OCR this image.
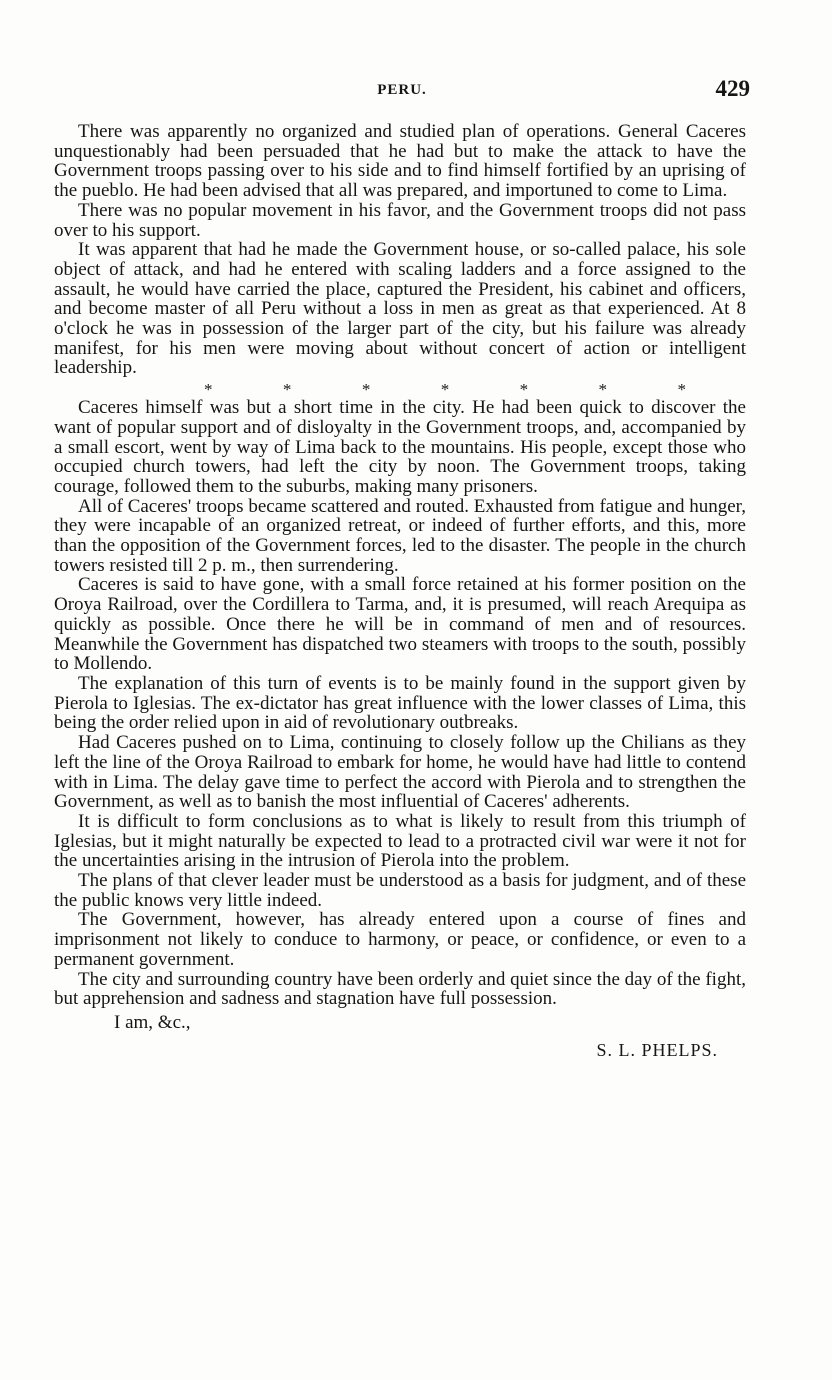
PERU.	429

There was apparently no organized and studied plan of operations. General Caceres unquestionably had been persuaded that he had but to make the attack to have the Government troops passing over to his side and to find himself fortified by an uprising of the pueblo. He had been advised that all was prepared, and importuned to come to Lima.

There was no popular movement in his favor, and the Government troops did not pass over to his support.

It was apparent that had he made the Government house, or so-called palace, his sole object of attack, and had he entered with scaling ladders and a force assigned to the assault, he would have carried the place, captured the President, his cabinet and officers, and become master of all Peru without a loss in men as great as that experienced. At 8 o'clock he was in possession of the larger part of the city, but his failure was already manifest, for his men were moving about without concert of action or intelligent leadership.

*	*	*	*	*	*	*

Caceres himself was but a short time in the city. He had been quick to discover the want of popular support and of disloyalty in the Government troops, and, accompanied by a small escort, went by way of Lima back to the mountains. His people, except those who occupied church towers, had left the city by noon. The Government troops, taking courage, followed them to the suburbs, making many prisoners.

All of Caceres' troops became scattered and routed. Exhausted from fatigue and hunger, they were incapable of an organized retreat, or indeed of further efforts, and this, more than the opposition of the Government forces, led to the disaster. The people in the church towers resisted till 2 p. m., then surrendering.

Caceres is said to have gone, with a small force retained at his former position on the Oroya Railroad, over the Cordillera to Tarma, and, it is presumed, will reach Arequipa as quickly as possible. Once there he will be in command of men and of resources. Meanwhile the Government has dispatched two steamers with troops to the south, possibly to Mollendo.

The explanation of this turn of events is to be mainly found in the support given by Pierola to Iglesias. The ex-dictator has great influence with the lower classes of Lima, this being the order relied upon in aid of revolutionary outbreaks.

Had Caceres pushed on to Lima, continuing to closely follow up the Chilians as they left the line of the Oroya Railroad to embark for home, he would have had little to contend with in Lima. The delay gave time to perfect the accord with Pierola and to strengthen the Government, as well as to banish the most influential of Caceres' adherents.

It is difficult to form conclusions as to what is likely to result from this triumph of Iglesias, but it might naturally be expected to lead to a protracted civil war were it not for the uncertainties arising in the intrusion of Pierola into the problem.

The plans of that clever leader must be understood as a basis for judgment, and of these the public knows very little indeed.

The Government, however, has already entered upon a course of fines and imprisonment not likely to conduce to harmony, or peace, or confidence, or even to a permanent government.

The city and surrounding country have been orderly and quiet since the day of the fight, but apprehension and sadness and stagnation have full possession.

I am, &c.,
S. L. PHELPS.
